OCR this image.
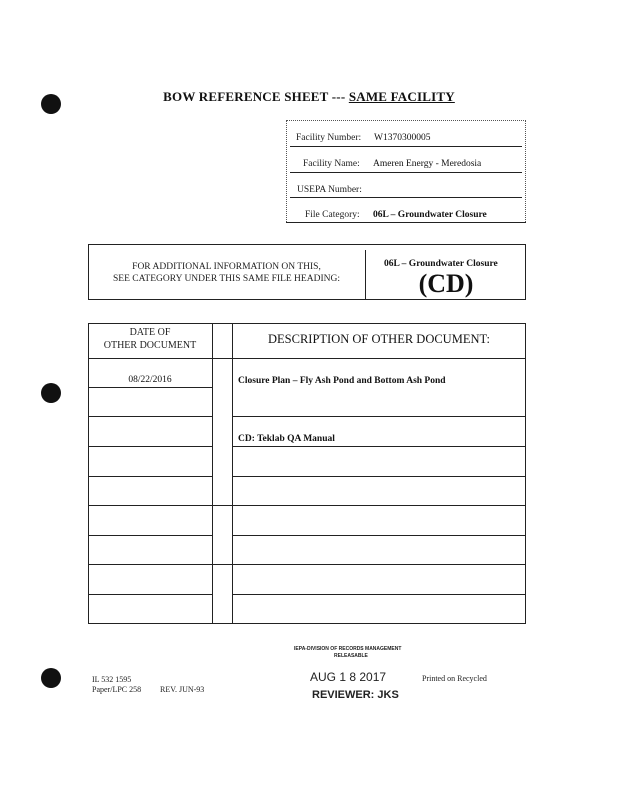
BOW REFERENCE SHEET --- SAME FACILITY
Facility Number: W1370300005
Facility Name: Ameren Energy - Meredosia
USEPA Number:
File Category: 06L – Groundwater Closure
FOR ADDITIONAL INFORMATION ON THIS,
SEE CATEGORY UNDER THIS SAME FILE HEADING:
06L – Groundwater Closure
(CD)
DATE OF
OTHER DOCUMENT	DESCRIPTION OF OTHER DOCUMENT:
08/22/2016	Closure Plan – Fly Ash Pond and Bottom Ash Pond
CD: Teklab QA Manual
IL 532 1595
Paper/LPC 258 REV. JUN-93
Printed on Recycled
IEPA-DIVISION OF RECORDS MANAGEMENT
RELEASABLE
AUG 1 8 2017
REVIEWER: JKS
